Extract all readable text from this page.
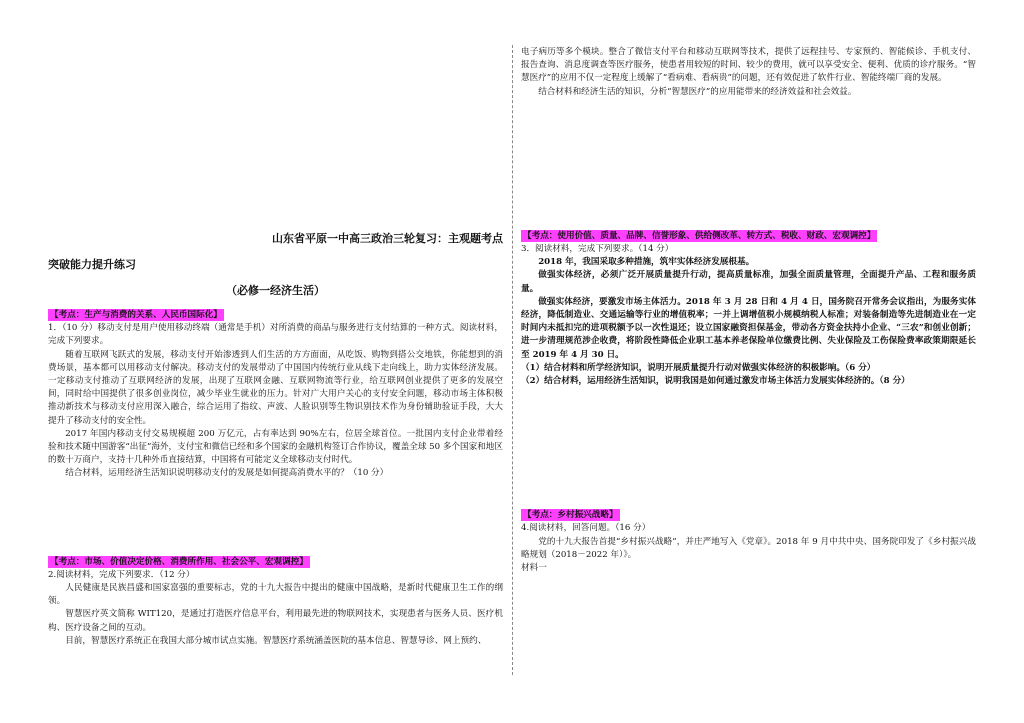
山东省平原一中高三政治三轮复习：主观题考点
突破能力提升练习
（必修一经济生活）
【考点：生产与消费的关系、人民币国际化】
1．（10 分）移动支付是用户使用移动终端（通常是手机）对所消费的商品与服务进行支付结算的一种方式。阅读材料，完成下列要求。
随着互联网飞跃式的发展，移动支付开始渗透到人们生活的方方面面，从吃饭、购物到搭公交地铁，你能想到的消费场景，基本都可以用移动支付解决。移动支付的发展带动了中国国内传统行业从线下走向线上，助力实体经济发展。一定移动支付推动了互联网经济的发展，出现了互联网金融、互联网物流等行业，给互联网创业提供了更多的发展空间，同时给中国提供了很多创业岗位，减少毕业生就业的压力。针对广大用户关心的支付安全问题，移动市场主体积极推动新技术与移动支付应用深入融合，综合运用了指纹、声波、人脸识别等生物识别技术作为身份辅助验证手段，大大提升了移动支付的安全性。
2017 年国内移动支付交易规模超 200 万亿元，占有率达到 90%左右，位居全球首位。一批国内支付企业带着经验和技术随中国游客“出征”海外，支付宝和微信已经和多个国家的金融机构签订合作协议，覆盖全球 50 多个国家和地区的数十万商户，支持十几种外币直接结算，中国将有可能定义全球移动支付时代。
结合材料，运用经济生活知识说明移动支付的发展是如何提高消费水平的？（10 分）
【考点：市场、价值决定价格、消费所作用、社会公平、宏观调控】
2.阅读材料，完成下列要求．（12 分）
人民健康是民族昌盛和国家富强的重要标志，党的十九大报告中提出的健康中国战略，是新时代健康卫生工作的纲领。
智慧医疗英文简称 WIT120，是通过打造医疗信息平台，利用最先进的物联网技术，实现患者与医务人员、医疗机构、医疗设备之间的互动。
目前，智慧医疗系统正在我国大部分城市试点实施。智慧医疗系统涵盖医院的基本信息、智慧导诊、网上预约、
电子病历等多个模块。整合了微信支付平台和移动互联网等技术，提供了远程挂号、专家预约、智能候诊、手机支付、报告查询、消息度调查等医疗服务，使患者用较短的时间、较少的费用，就可以享受安全、便利、优质的诊疗服务。“智慧医疗”的应用不仅一定程度上缓解了“看病难、看病贵”的问题，还有效促进了软件行业、智能终端厂商的发展。
结合材料和经济生活的知识，分析“智慧医疗”的应用能带来的经济效益和社会效益。
【考点：使用价值、质量、品牌、信誉形象、供给侧改革、转方式、税收、财政、宏观调控】
3．阅读材料，完成下列要求。（14 分）
2018 年，我国采取多种措施，筑牢实体经济发展根基。
做强实体经济，必须广泛开展质量提升行动，提高质量标准，加强全面质量管理，全面提升产品、工程和服务质量。
做强实体经济，要激发市场主体活力。2018 年 3 月 28 日和 4 月 4 日，国务院召开常务会议指出，为服务实体经济，降低制造业、交通运输等行业的增值税率；一并上调增值税小规模纳税人标准；对装备制造等先进制造业在一定时间内未抵扣完的进项税额予以一次性退还；设立国家融资担保基金，带动各方资金扶持小企业、“三农”和创业创新；进一步清理规范涉企收费，将阶段性降低企业职工基本养老保险单位缴费比例、失业保险及工伤保险费率政策期限延长至 2019 年 4 月 30 日。
（1）结合材料和所学经济知识，说明开展质量提升行动对做强实体经济的积极影响。（6 分）
（2）结合材料，运用经济生活知识，说明我国是如何通过激发市场主体活力发展实体经济的。（8 分）
【考点：乡村振兴战略】
4.阅读材料，回答问题。（16 分）
党的十九大报告首提“乡村振兴战略”，并庄严地写入《党章》。2018 年 9 月中共中央、国务院印发了《乡村振兴战略规划（2018－2022 年）》。
材料一
